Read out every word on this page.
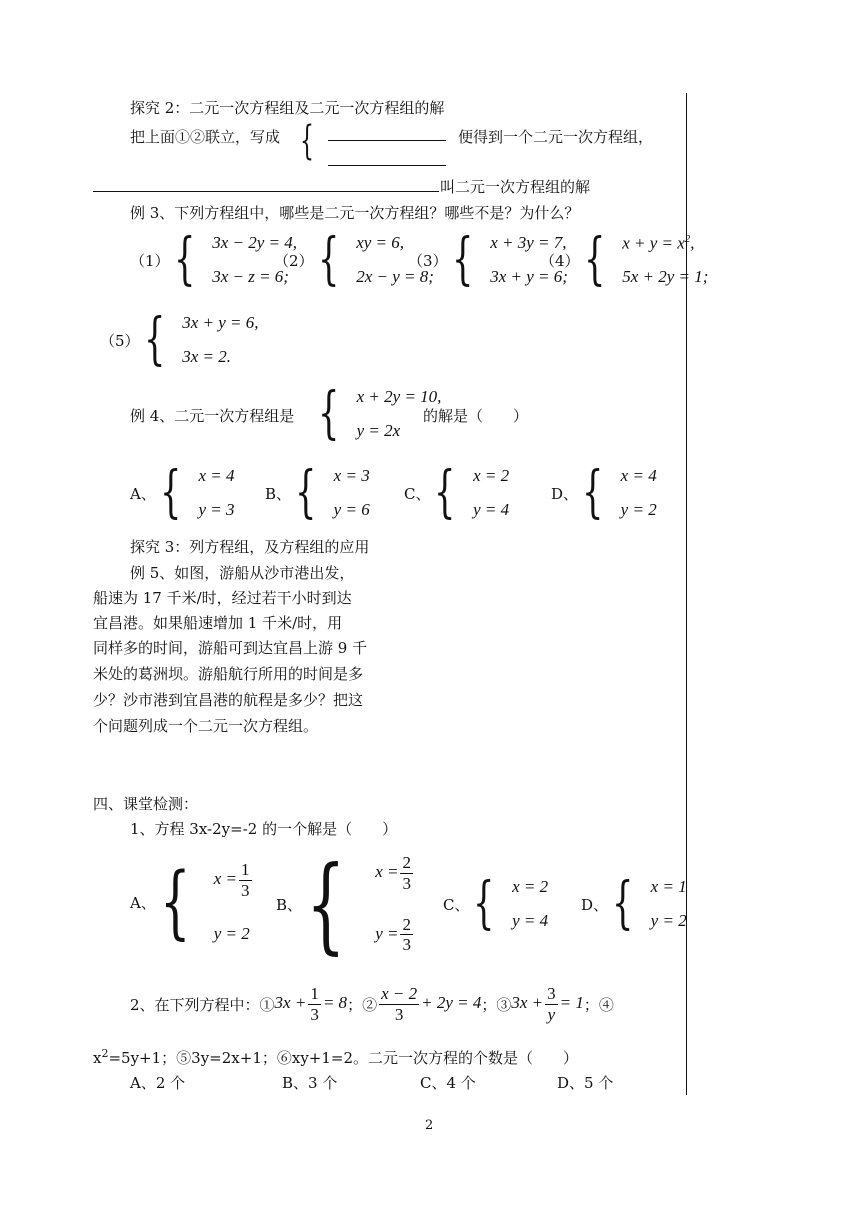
探究 2：二元一次方程组及二元一次方程组的解
把上面①②联立，写成 {	便得到一个二元一次方程组，
叫二元一次方程组的解
例 3、下列方程组中，哪些是二元一次方程组？哪些不是？为什么？
（1） { 3x − 2y = 4,
3x − z = 6;
（2） { xy = 6,
2x − y = 8;
（3） { x + 3y = 7,
3x + y = 6;
（4） { $x + y = x^2$,
5x + 2y = 1;
（5） { 3x + y = 6,
3x = 2.
例 4、二元一次方程组是 { x + 2y = 10,
y = 2x
的解是（　　）
A、 { x = 4
y = 3
B、 { x = 3
y = 6
C、 { x = 2
y = 4
D、 { x = 4
y = 2
探究 3：列方程组，及方程组的应用
例 5、如图，游船从沙市港出发，
船速为 17 千米/时，经过若干小时到达
宜昌港。如果船速增加 1 千米/时，用
同样多的时间，游船可到达宜昌上游 9 千
米处的葛洲坝。游船航行所用的时间是多
少？沙市港到宜昌港的航程是多少？把这
个问题列成一个二元一次方程组。
四、课堂检测：
1、方程 3x-2y=-2 的一个解是（　　）
A、 { $x = \frac{1}{3}$
y = 2
B、 { $x = \frac{2}{3}$
$y = \frac{2}{3}$
C、 { x = 2
y = 4
D、 { x = 1
y = 2
2、在下列方程中：① $3x + \frac{1}{3} = 8$ ；② $\frac{x - 2}{3} + 2y = 4$ ；③ $3x + \frac{3}{y} = 1$ ；④
$x^2=5y+1$；⑤3y=2x+1；⑥xy+1=2。二元一次方程的个数是（　　）
A、2 个	B、3 个	C、4 个	D、5 个
2
